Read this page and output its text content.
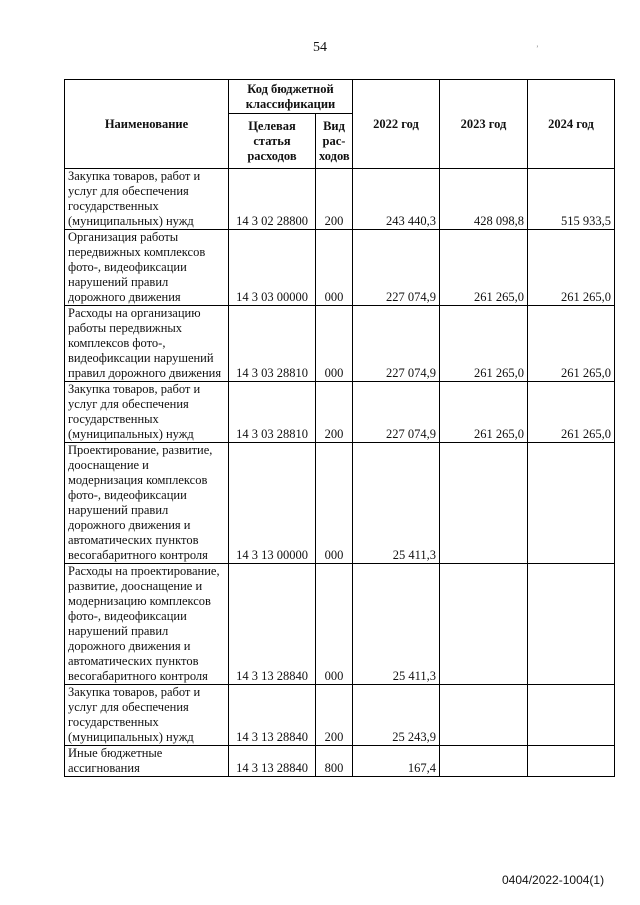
54	’
Наименование	Код бюджетной классификации		2022 год	2023 год	2024 год
	Целевая статья расходов	Вид рас-ходов			
Закупка товаров, работ и услуг для обеспечения государственных (муниципальных) нужд	14 3 02 28800	200	243 440,3	428 098,8	515 933,5
Организация работы передвижных комплексов фото-, видеофиксации нарушений правил дорожного движения	14 3 03 00000	000	227 074,9	261 265,0	261 265,0
Расходы на организацию работы передвижных комплексов фото-, видеофиксации нарушений правил дорожного движения	14 3 03 28810	000	227 074,9	261 265,0	261 265,0
Закупка товаров, работ и услуг для обеспечения государственных (муниципальных) нужд	14 3 03 28810	200	227 074,9	261 265,0	261 265,0
Проектирование, развитие, дооснащение и модернизация комплексов фото-, видеофиксации нарушений правил дорожного движения и автоматических пунктов весогабаритного контроля	14 3 13 00000	000	25 411,3		
Расходы на проектирование, развитие, дооснащение и модернизацию комплексов фото-, видеофиксации нарушений правил дорожного движения и автоматических пунктов весогабаритного контроля	14 3 13 28840	000	25 411,3		
Закупка товаров, работ и услуг для обеспечения государственных (муниципальных) нужд	14 3 13 28840	200	25 243,9		
Иные бюджетные ассигнования	14 3 13 28840	800	167,4		
0404/2022-1004(1)
